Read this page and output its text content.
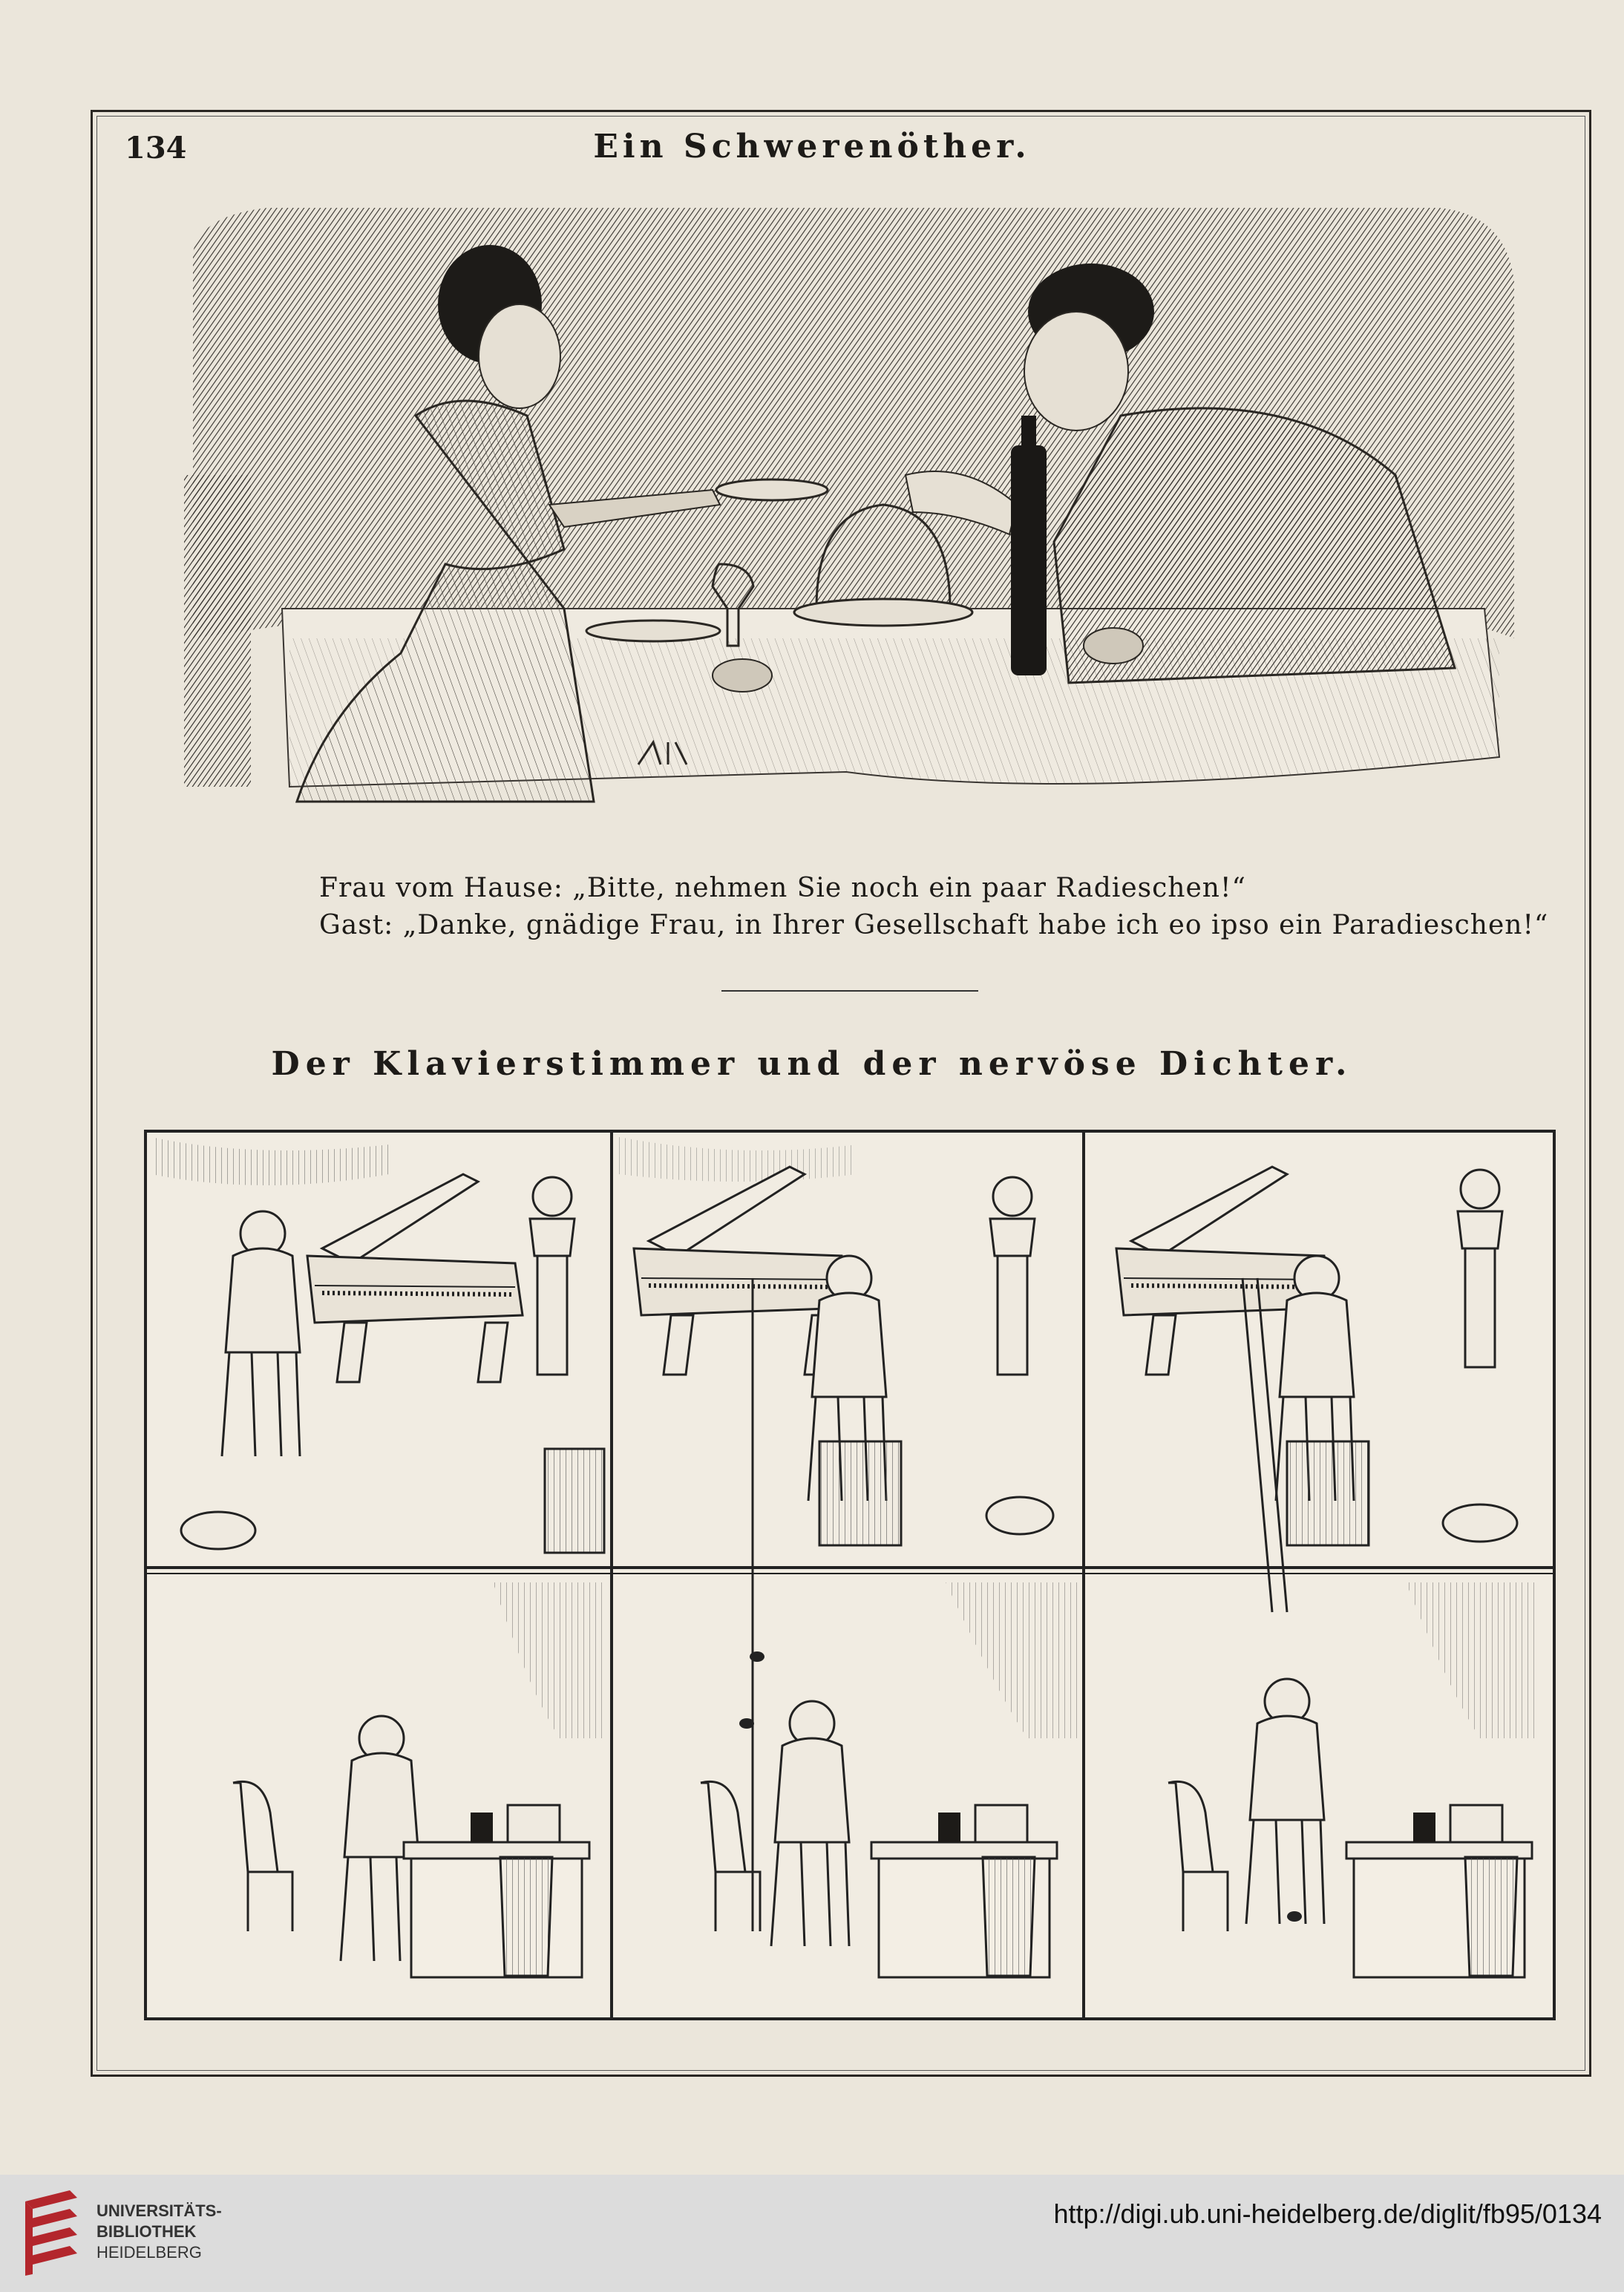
134	Ein Schwerenöther.
Frau vom Hause: „Bitte, nehmen Sie noch ein paar Radieschen!“
Gast: „Danke, gnädige Frau, in Ihrer Gesellschaft habe ich eo ipso ein Paradieschen!“
Der Klavierstimmer und der nervöse Dichter.
UNIVERSITÄTS-
BIBLIOTHEK
HEIDELBERG
http://digi.ub.uni-heidelberg.de/diglit/fb95/0134
